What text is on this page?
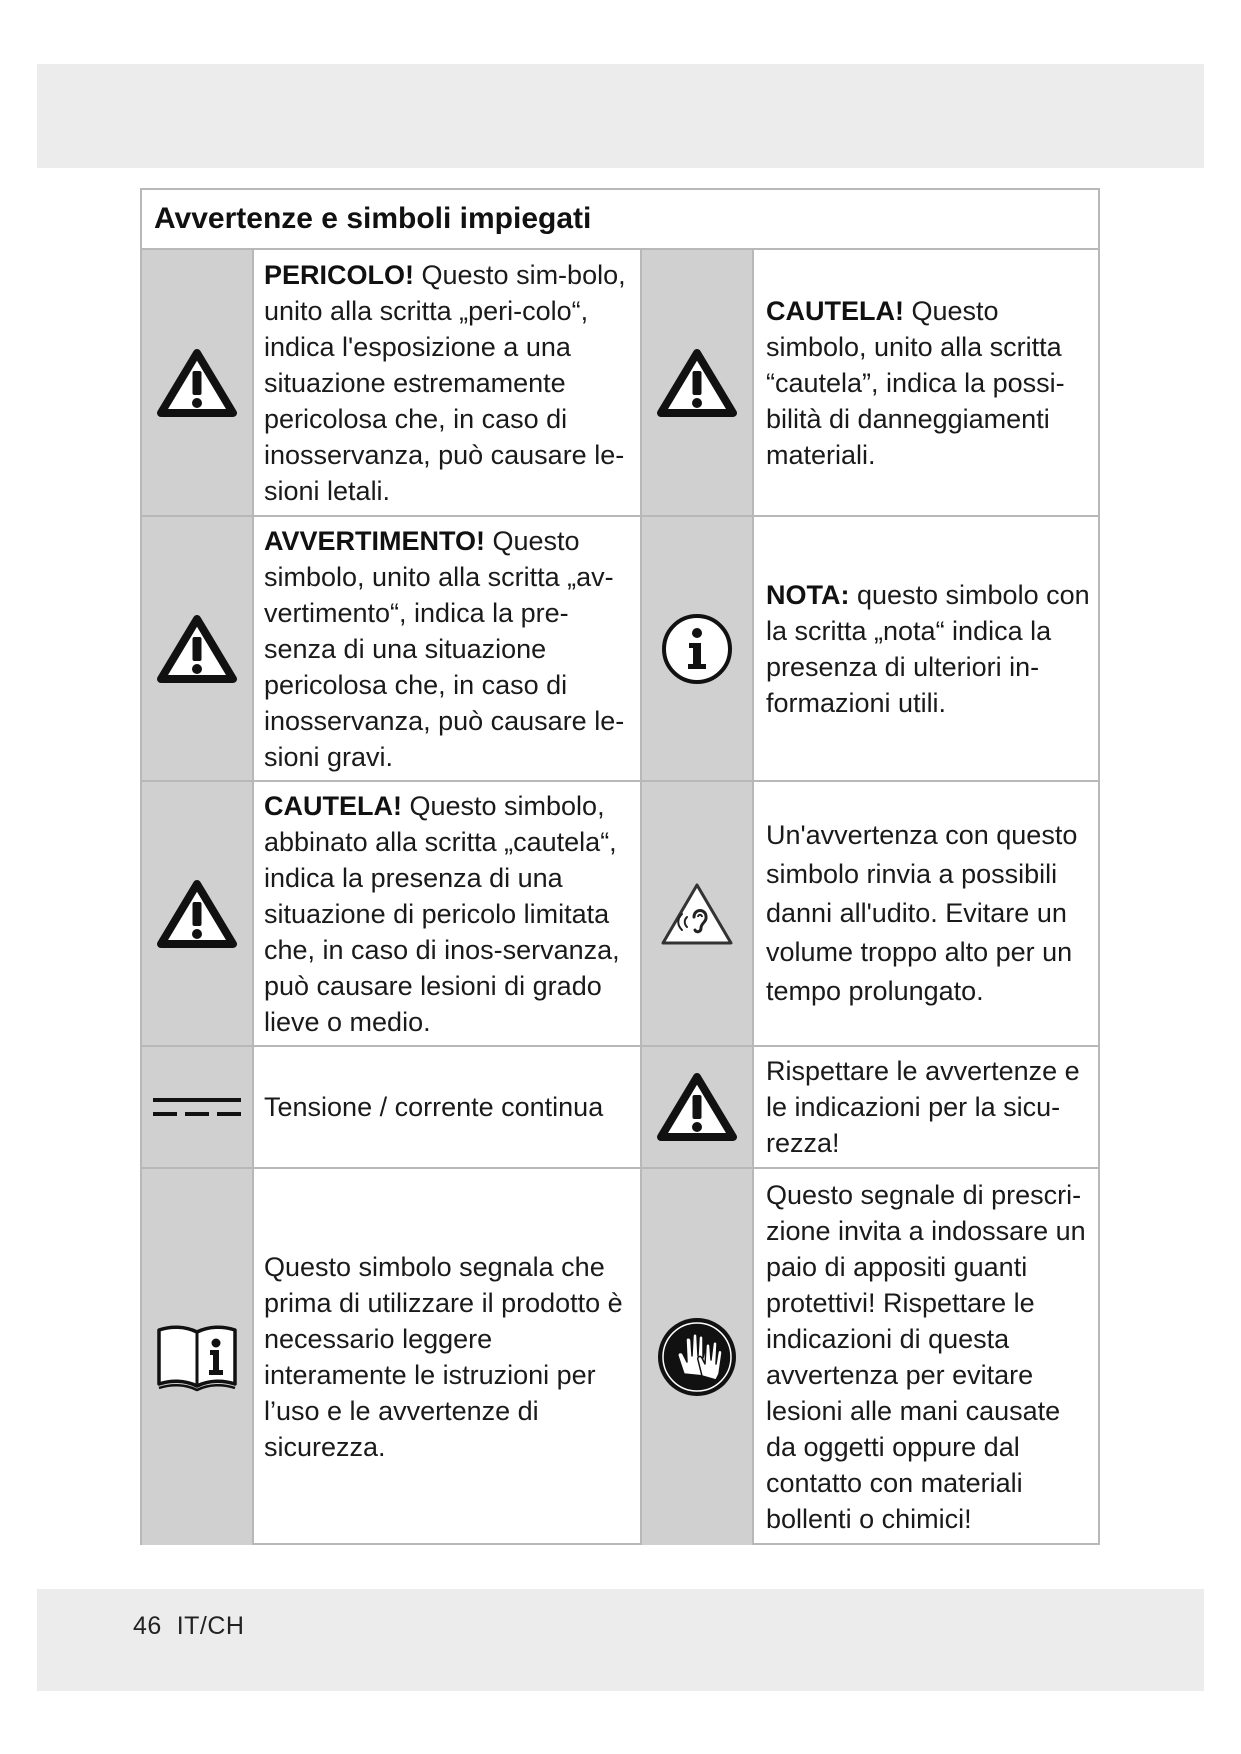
Avvertenze e simboli impiegati
PERICOLO! Questo sim-bolo, unito alla scritta „peri-colo“, indica l'esposizione a una situazione estremamente pericolosa che, in caso di inosservanza, può causare le-sioni letali.
CAUTELA! Questo simbolo, unito alla scritta “cautela”, indica la possi-bilità di danneggiamenti materiali.
AVVERTIMENTO! Questo simbolo, unito alla scritta „av-vertimento“, indica la pre-senza di una situazione pericolosa che, in caso di inosservanza, può causare le-sioni gravi.
NOTA: questo simbolo con la scritta „nota“ indica la presenza di ulteriori in-formazioni utili.
CAUTELA! Questo simbolo, abbinato alla scritta „cautela“, indica la presenza di una situazione di pericolo limitata che, in caso di inos-servanza, può causare lesioni di grado lieve o medio.
Un'avvertenza con questo simbolo rinvia a possibili danni all'udito. Evitare un volume troppo alto per un tempo prolungato.
Tensione / corrente continua
Rispettare le avvertenze e le indicazioni per la sicu-rezza!
Questo simbolo segnala che prima di utilizzare il prodotto è necessario leggere interamente le istruzioni per l’uso e le avvertenze di sicurezza.
Questo segnale di prescri-zione invita a indossare un paio di appositi guanti protettivi! Rispettare le indicazioni di questa avvertenza per evitare lesioni alle mani causate da oggetti oppure dal contatto con materiali bollenti o chimici!
46 IT/CH
